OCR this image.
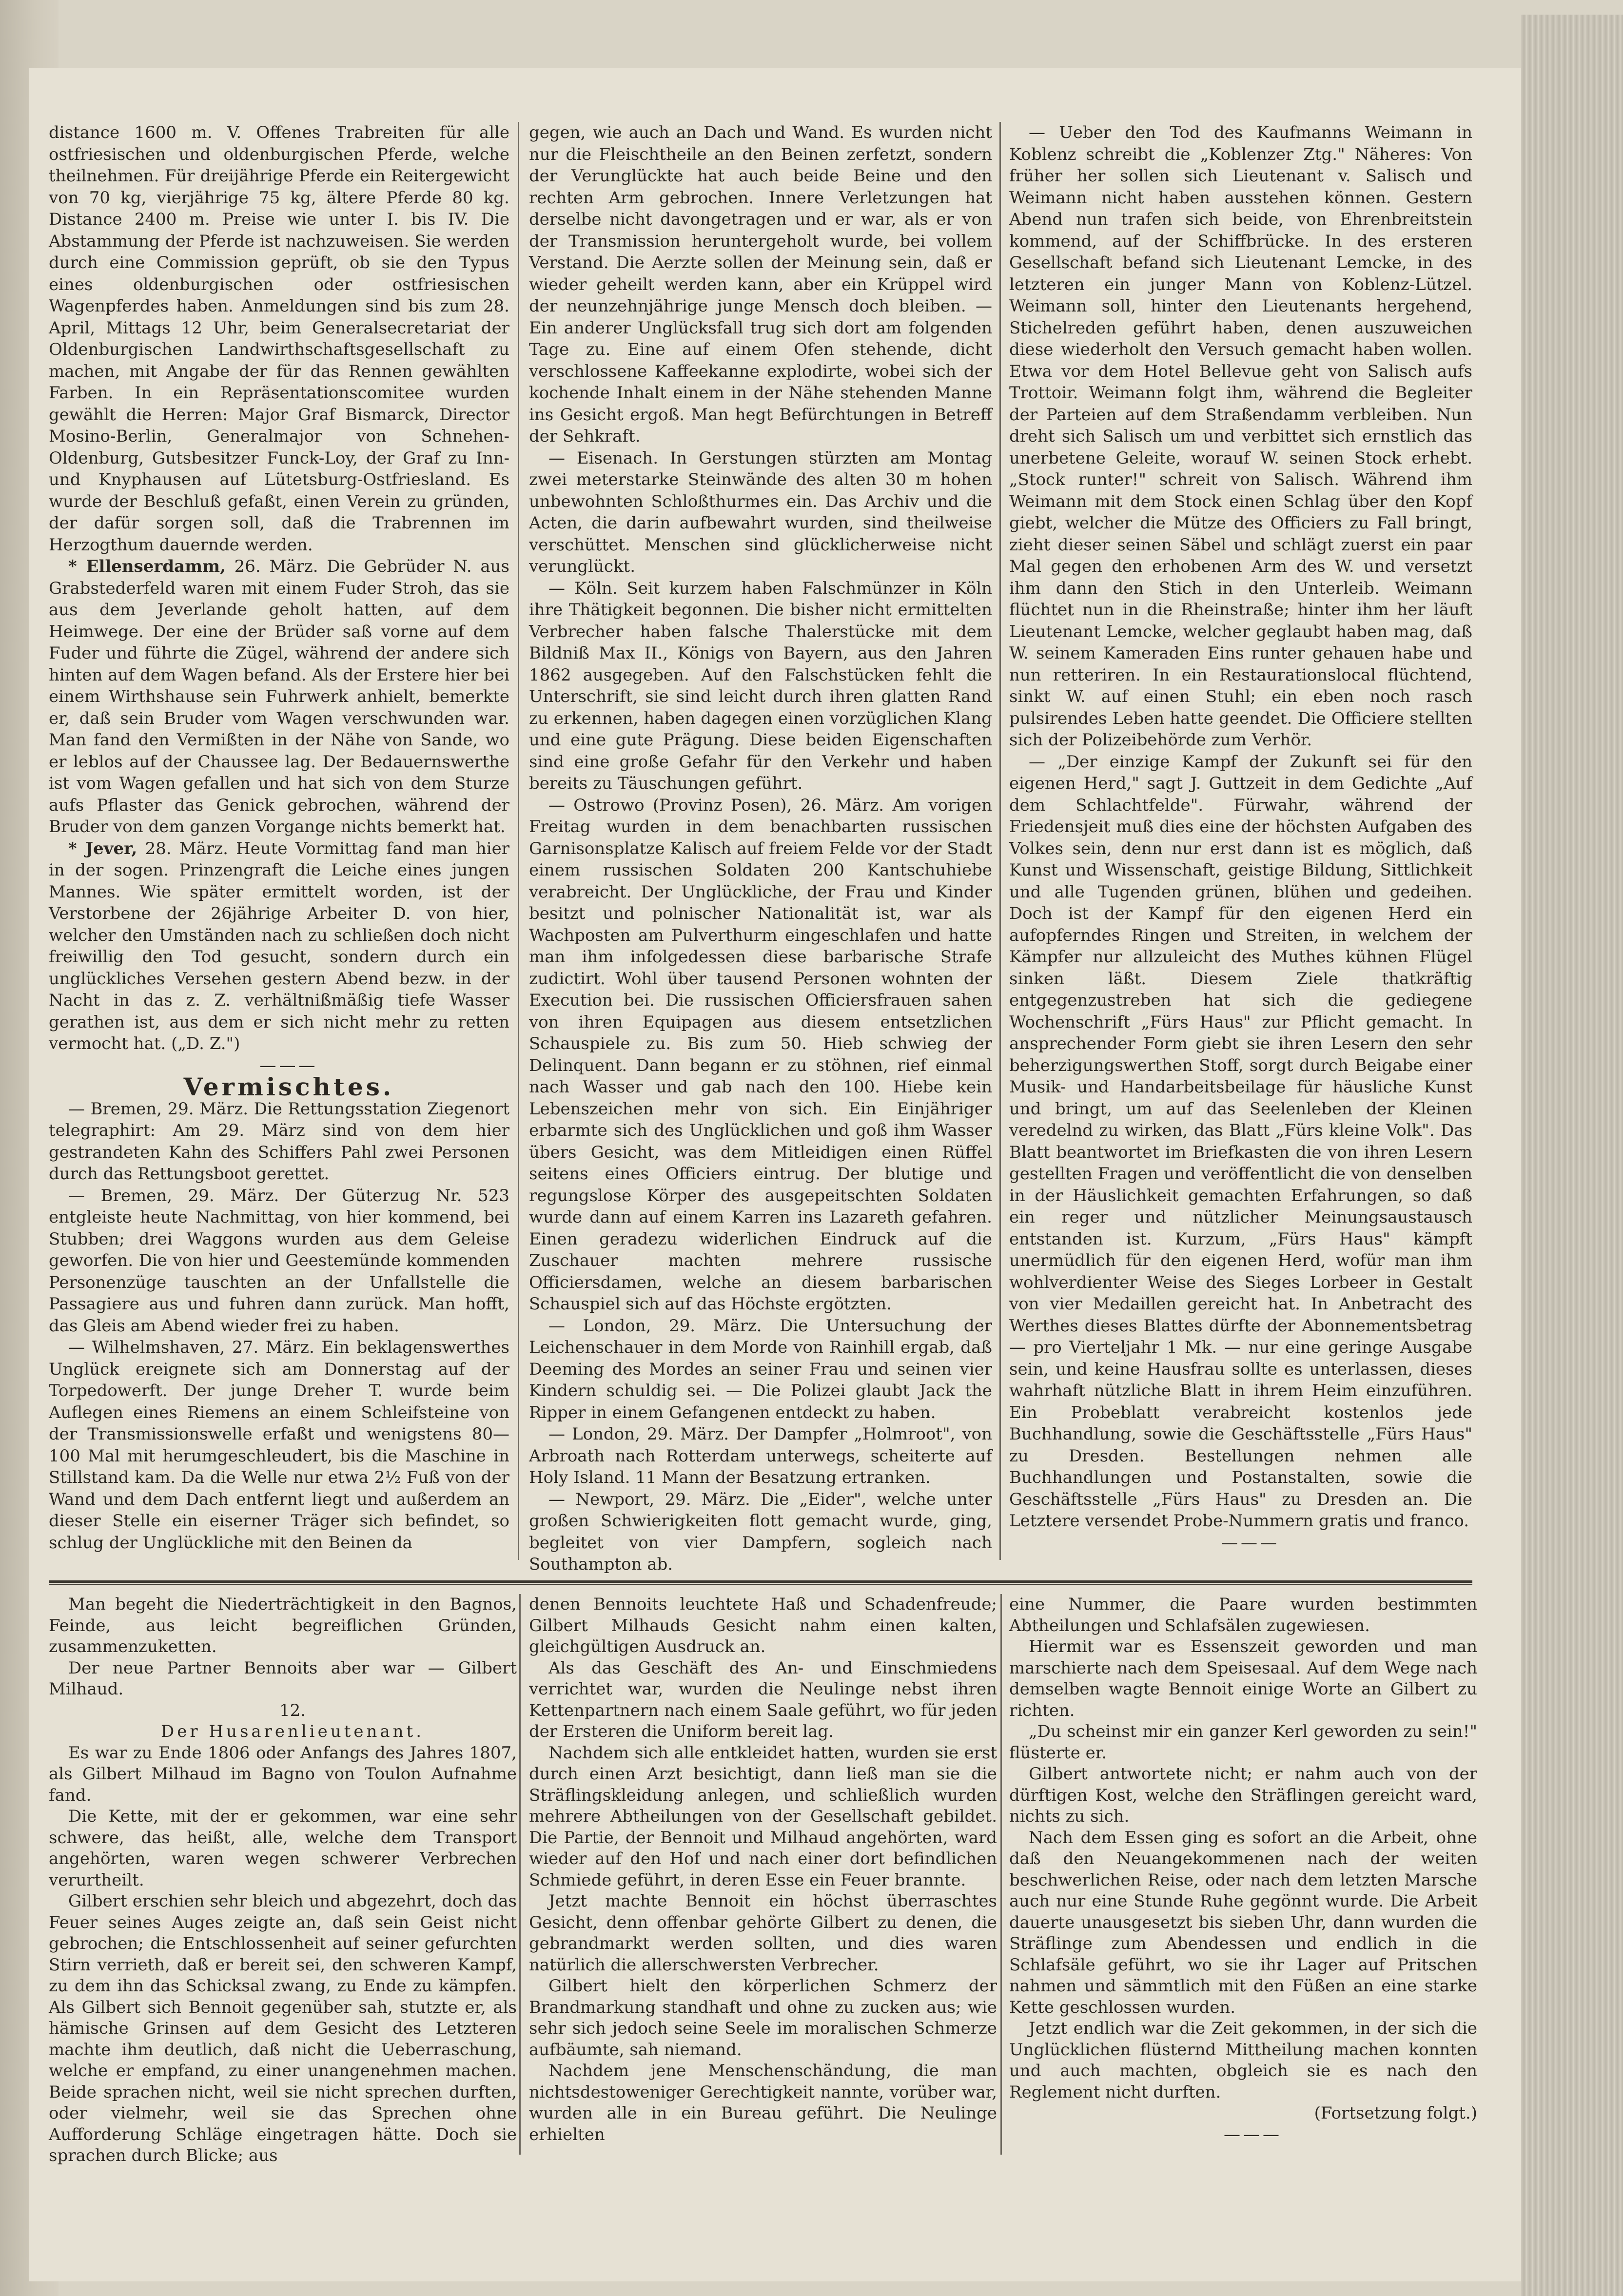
distance 1600 m. V. Offenes Trabreiten für alle ostfriesischen und oldenburgischen Pferde, welche theilnehmen. Für dreijährige Pferde ein Reitergewicht von 70 kg, vierjährige 75 kg, ältere Pferde 80 kg. Distance 2400 m. Preise wie unter I. bis IV. Die Abstammung der Pferde ist nachzuweisen. Sie werden durch eine Commission geprüft, ob sie den Typus eines oldenburgischen oder ostfriesischen Wagenpferdes haben. Anmeldungen sind bis zum 28. April, Mittags 12 Uhr, beim Generalsecretariat der Oldenburgischen Landwirthschaftsgesellschaft zu machen, mit Angabe der für das Rennen gewählten Farben. In ein Repräsentationscomitee wurden gewählt die Herren: Major Graf Bismarck, Director Mosino-Berlin, Generalmajor von Schnehen-Oldenburg, Gutsbesitzer Funck-Loy, der Graf zu Inn- und Knyphausen auf Lütetsburg-Ostfriesland. Es wurde der Beschluß gefaßt, einen Verein zu gründen, der dafür sorgen soll, daß die Trabrennen im Herzogthum dauernde werden.

* Ellenserdamm, 26. März. Die Gebrüder N. aus Grabstederfeld waren mit einem Fuder Stroh, das sie aus dem Jeverlande geholt hatten, auf dem Heimwege. Der eine der Brüder saß vorne auf dem Fuder und führte die Zügel, während der andere sich hinten auf dem Wagen befand. Als der Erstere hier bei einem Wirthshause sein Fuhrwerk anhielt, bemerkte er, daß sein Bruder vom Wagen verschwunden war. Man fand den Vermißten in der Nähe von Sande, wo er leblos auf der Chaussee lag. Der Bedauernswerthe ist vom Wagen gefallen und hat sich von dem Sturze aufs Pflaster das Genick gebrochen, während der Bruder von dem ganzen Vorgange nichts bemerkt hat.

* Jever, 28. März. Heute Vormittag fand man hier in der sogen. Prinzengraft die Leiche eines jungen Mannes. Wie später ermittelt worden, ist der Verstorbene der 26jährige Arbeiter D. von hier, welcher den Umständen nach zu schließen doch nicht freiwillig den Tod gesucht, sondern durch ein unglückliches Versehen gestern Abend bezw. in der Nacht in das z. Z. verhältnißmäßig tiefe Wasser gerathen ist, aus dem er sich nicht mehr zu retten vermocht hat. („D. Z.")

———

Vermischtes.

— Bremen, 29. März. Die Rettungsstation Ziegenort telegraphirt: Am 29. März sind von dem hier gestrandeten Kahn des Schiffers Pahl zwei Personen durch das Rettungsboot gerettet.

— Bremen, 29. März. Der Güterzug Nr. 523 entgleiste heute Nachmittag, von hier kommend, bei Stubben; drei Waggons wurden aus dem Geleise geworfen. Die von hier und Geestemünde kommenden Personenzüge tauschten an der Unfallstelle die Passagiere aus und fuhren dann zurück. Man hofft, das Gleis am Abend wieder frei zu haben.

— Wilhelmshaven, 27. März. Ein beklagenswerthes Unglück ereignete sich am Donnerstag auf der Torpedowerft. Der junge Dreher T. wurde beim Auflegen eines Riemens an einem Schleifsteine von der Transmissionswelle erfaßt und wenigstens 80—100 Mal mit herumgeschleudert, bis die Maschine in Stillstand kam. Da die Welle nur etwa 2½ Fuß von der Wand und dem Dach entfernt liegt und außerdem an dieser Stelle ein eiserner Träger sich befindet, so schlug der Unglückliche mit den Beinen da

gegen, wie auch an Dach und Wand. Es wurden nicht nur die Fleischtheile an den Beinen zerfetzt, sondern der Verunglückte hat auch beide Beine und den rechten Arm gebrochen. Innere Verletzungen hat derselbe nicht davongetragen und er war, als er von der Transmission heruntergeholt wurde, bei vollem Verstand. Die Aerzte sollen der Meinung sein, daß er wieder geheilt werden kann, aber ein Krüppel wird der neunzehnjährige junge Mensch doch bleiben. — Ein anderer Unglücksfall trug sich dort am folgenden Tage zu. Eine auf einem Ofen stehende, dicht verschlossene Kaffeekanne explodirte, wobei sich der kochende Inhalt einem in der Nähe stehenden Manne ins Gesicht ergoß. Man hegt Befürchtungen in Betreff der Sehkraft.

— Eisenach. In Gerstungen stürzten am Montag zwei meterstarke Steinwände des alten 30 m hohen unbewohnten Schloßthurmes ein. Das Archiv und die Acten, die darin aufbewahrt wurden, sind theilweise verschüttet. Menschen sind glücklicherweise nicht verunglückt.

— Köln. Seit kurzem haben Falschmünzer in Köln ihre Thätigkeit begonnen. Die bisher nicht ermittelten Verbrecher haben falsche Thalerstücke mit dem Bildniß Max II., Königs von Bayern, aus den Jahren 1862 ausgegeben. Auf den Falschstücken fehlt die Unterschrift, sie sind leicht durch ihren glatten Rand zu erkennen, haben dagegen einen vorzüglichen Klang und eine gute Prägung. Diese beiden Eigenschaften sind eine große Gefahr für den Verkehr und haben bereits zu Täuschungen geführt.

— Ostrowo (Provinz Posen), 26. März. Am vorigen Freitag wurden in dem benachbarten russischen Garnisonsplatze Kalisch auf freiem Felde vor der Stadt einem russischen Soldaten 200 Kantschuhiebe verabreicht. Der Unglückliche, der Frau und Kinder besitzt und polnischer Nationalität ist, war als Wachposten am Pulverthurm eingeschlafen und hatte man ihm infolgedessen diese barbarische Strafe zudictirt. Wohl über tausend Personen wohnten der Execution bei. Die russischen Officiersfrauen sahen von ihren Equipagen aus diesem entsetzlichen Schauspiele zu. Bis zum 50. Hieb schwieg der Delinquent. Dann begann er zu stöhnen, rief einmal nach Wasser und gab nach den 100. Hiebe kein Lebenszeichen mehr von sich. Ein Einjähriger erbarmte sich des Unglücklichen und goß ihm Wasser übers Gesicht, was dem Mitleidigen einen Rüffel seitens eines Officiers eintrug. Der blutige und regungslose Körper des ausgepeitschten Soldaten wurde dann auf einem Karren ins Lazareth gefahren. Einen geradezu widerlichen Eindruck auf die Zuschauer machten mehrere russische Officiersdamen, welche an diesem barbarischen Schauspiel sich auf das Höchste ergötzten.

— London, 29. März. Die Untersuchung der Leichenschauer in dem Morde von Rainhill ergab, daß Deeming des Mordes an seiner Frau und seinen vier Kindern schuldig sei. — Die Polizei glaubt Jack the Ripper in einem Gefangenen entdeckt zu haben.

— London, 29. März. Der Dampfer „Holmroot", von Arbroath nach Rotterdam unterwegs, scheiterte auf Holy Island. 11 Mann der Besatzung ertranken.

— Newport, 29. März. Die „Eider", welche unter großen Schwierigkeiten flott gemacht wurde, ging, begleitet von vier Dampfern, sogleich nach Southampton ab.

— Ueber den Tod des Kaufmanns Weimann in Koblenz schreibt die „Koblenzer Ztg." Näheres: Von früher her sollen sich Lieutenant v. Salisch und Weimann nicht haben ausstehen können. Gestern Abend nun trafen sich beide, von Ehrenbreitstein kommend, auf der Schiffbrücke. In des ersteren Gesellschaft befand sich Lieutenant Lemcke, in des letzteren ein junger Mann von Koblenz-Lützel. Weimann soll, hinter den Lieutenants hergehend, Stichelreden geführt haben, denen auszuweichen diese wiederholt den Versuch gemacht haben wollen. Etwa vor dem Hotel Bellevue geht von Salisch aufs Trottoir. Weimann folgt ihm, während die Begleiter der Parteien auf dem Straßendamm verbleiben. Nun dreht sich Salisch um und verbittet sich ernstlich das unerbetene Geleite, worauf W. seinen Stock erhebt. „Stock runter!" schreit von Salisch. Während ihm Weimann mit dem Stock einen Schlag über den Kopf giebt, welcher die Mütze des Officiers zu Fall bringt, zieht dieser seinen Säbel und schlägt zuerst ein paar Mal gegen den erhobenen Arm des W. und versetzt ihm dann den Stich in den Unterleib. Weimann flüchtet nun in die Rheinstraße; hinter ihm her läuft Lieutenant Lemcke, welcher geglaubt haben mag, daß W. seinem Kameraden Eins runter gehauen habe und nun retteriren. In ein Restaurationslocal flüchtend, sinkt W. auf einen Stuhl; ein eben noch rasch pulsirendes Leben hatte geendet. Die Officiere stellten sich der Polizeibehörde zum Verhör.

— „Der einzige Kampf der Zukunft sei für den eigenen Herd," sagt J. Guttzeit in dem Gedichte „Auf dem Schlachtfelde". Fürwahr, während der Friedensjeit muß dies eine der höchsten Aufgaben des Volkes sein, denn nur erst dann ist es möglich, daß Kunst und Wissenschaft, geistige Bildung, Sittlichkeit und alle Tugenden grünen, blühen und gedeihen. Doch ist der Kampf für den eigenen Herd ein aufopferndes Ringen und Streiten, in welchem der Kämpfer nur allzuleicht des Muthes kühnen Flügel sinken läßt. Diesem Ziele thatkräftig entgegenzustreben hat sich die gediegene Wochenschrift „Fürs Haus" zur Pflicht gemacht. In ansprechender Form giebt sie ihren Lesern den sehr beherzigungswerthen Stoff, sorgt durch Beigabe einer Musik- und Handarbeitsbeilage für häusliche Kunst und bringt, um auf das Seelenleben der Kleinen veredelnd zu wirken, das Blatt „Fürs kleine Volk". Das Blatt beantwortet im Briefkasten die von ihren Lesern gestellten Fragen und veröffentlicht die von denselben in der Häuslichkeit gemachten Erfahrungen, so daß ein reger und nützlicher Meinungsaustausch entstanden ist. Kurzum, „Fürs Haus" kämpft unermüdlich für den eigenen Herd, wofür man ihm wohlverdienter Weise des Sieges Lorbeer in Gestalt von vier Medaillen gereicht hat. In Anbetracht des Werthes dieses Blattes dürfte der Abonnementsbetrag — pro Vierteljahr 1 Mk. — nur eine geringe Ausgabe sein, und keine Hausfrau sollte es unterlassen, dieses wahrhaft nützliche Blatt in ihrem Heim einzuführen. Ein Probeblatt verabreicht kostenlos jede Buchhandlung, sowie die Geschäftsstelle „Fürs Haus" zu Dresden. Bestellungen nehmen alle Buchhandlungen und Postanstalten, sowie die Geschäftsstelle „Fürs Haus" zu Dresden an. Die Letztere versendet Probe-Nummern gratis und franco.

———

Man begeht die Niederträchtigkeit in den Bagnos, Feinde, aus leicht begreiflichen Gründen, zusammenzuketten.

Der neue Partner Bennoits aber war — Gilbert Milhaud.

12.

Der Husarenlieutenant.

Es war zu Ende 1806 oder Anfangs des Jahres 1807, als Gilbert Milhaud im Bagno von Toulon Aufnahme fand.

Die Kette, mit der er gekommen, war eine sehr schwere, das heißt, alle, welche dem Transport angehörten, waren wegen schwerer Verbrechen verurtheilt.

Gilbert erschien sehr bleich und abgezehrt, doch das Feuer seines Auges zeigte an, daß sein Geist nicht gebrochen; die Entschlossenheit auf seiner gefurchten Stirn verrieth, daß er bereit sei, den schweren Kampf, zu dem ihn das Schicksal zwang, zu Ende zu kämpfen. Als Gilbert sich Bennoit gegenüber sah, stutzte er, als hämische Grinsen auf dem Gesicht des Letzteren machte ihm deutlich, daß nicht die Ueberraschung, welche er empfand, zu einer unangenehmen machen. Beide sprachen nicht, weil sie nicht sprechen durften, oder vielmehr, weil sie das Sprechen ohne Aufforderung Schläge eingetragen hätte. Doch sie sprachen durch Blicke; aus

denen Bennoits leuchtete Haß und Schadenfreude; Gilbert Milhauds Gesicht nahm einen kalten, gleichgültigen Ausdruck an.

Als das Geschäft des An- und Einschmiedens verrichtet war, wurden die Neulinge nebst ihren Kettenpartnern nach einem Saale geführt, wo für jeden der Ersteren die Uniform bereit lag.

Nachdem sich alle entkleidet hatten, wurden sie erst durch einen Arzt besichtigt, dann ließ man sie die Sträflingskleidung anlegen, und schließlich wurden mehrere Abtheilungen von der Gesellschaft gebildet. Die Partie, der Bennoit und Milhaud angehörten, ward wieder auf den Hof und nach einer dort befindlichen Schmiede geführt, in deren Esse ein Feuer brannte.

Jetzt machte Bennoit ein höchst überraschtes Gesicht, denn offenbar gehörte Gilbert zu denen, die gebrandmarkt werden sollten, und dies waren natürlich die allerschwersten Verbrecher.

Gilbert hielt den körperlichen Schmerz der Brandmarkung standhaft und ohne zu zucken aus; wie sehr sich jedoch seine Seele im moralischen Schmerze aufbäumte, sah niemand.

Nachdem jene Menschenschändung, die man nichtsdestoweniger Gerechtigkeit nannte, vorüber war, wurden alle in ein Bureau geführt. Die Neulinge erhielten

eine Nummer, die Paare wurden bestimmten Abtheilungen und Schlafsälen zugewiesen.

Hiermit war es Essenszeit geworden und man marschierte nach dem Speisesaal. Auf dem Wege nach demselben wagte Bennoit einige Worte an Gilbert zu richten.

„Du scheinst mir ein ganzer Kerl geworden zu sein!" flüsterte er.

Gilbert antwortete nicht; er nahm auch von der dürftigen Kost, welche den Sträflingen gereicht ward, nichts zu sich.

Nach dem Essen ging es sofort an die Arbeit, ohne daß den Neuangekommenen nach der weiten beschwerlichen Reise, oder nach dem letzten Marsche auch nur eine Stunde Ruhe gegönnt wurde. Die Arbeit dauerte unausgesetzt bis sieben Uhr, dann wurden die Sträflinge zum Abendessen und endlich in die Schlafsäle geführt, wo sie ihr Lager auf Pritschen nahmen und sämmtlich mit den Füßen an eine starke Kette geschlossen wurden.

Jetzt endlich war die Zeit gekommen, in der sich die Unglücklichen flüsternd Mittheilung machen konnten und auch machten, obgleich sie es nach den Reglement nicht durften.

(Fortsetzung folgt.)

———
